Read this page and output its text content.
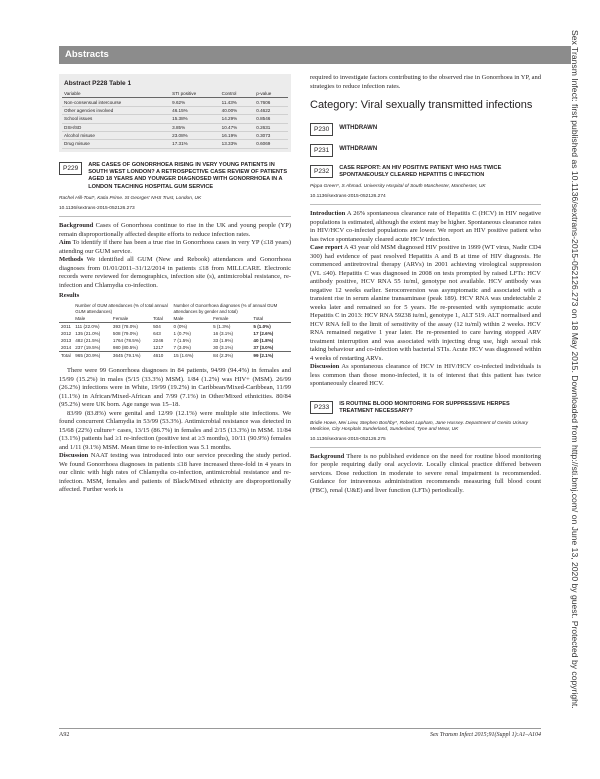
Abstracts
Abstract P228 Table 1
Variable	STI positive	Control	p-value
Non-consensual intercourse	9.62%	11.43%	0.7606
Other agencies involved	46.15%	40.00%	0.4622
School issues	15.38%	14.29%	0.8546
DSH/SD	3.85%	10.47%	0.2631
Alcohol misuse	23.08%	16.19%	0.3073
Drug misuse	17.31%	13.33%	0.6069
P229	ARE CASES OF GONORRHOEA RISING IN VERY YOUNG PATIENTS IN SOUTH WEST LONDON? A RETROSPECTIVE CASE REVIEW OF PATIENTS AGED 18 YEARS AND YOUNGER DIAGNOSED WITH GONORRHOEA IN A LONDON TEACHING HOSPITAL GUM SERVICE
Rachel Hill-Tout*, Katia Prime. St Georges' NHS Trust, London, UK
10.1136/sextrans-2015-052126.273

Background Cases of Gonorrhoea continue to rise in the UK and young people (YP) remain disproportionally affected despite efforts to reduce infection rates.

Aim To identify if there has been a true rise in Gonorrhoea cases in very YP (≤18 years) attending our GUM service.

Methods We identified all GUM (New and Rebook) attendances and Gonorrhoea diagnoses from 01/01/2011–31/12/2014 in patients ≤18 from MILLCARE. Electronic records were reviewed for demographics, infection site (s), antimicrobial resistance, re-infection and Chlamydia co-infection.

Results
	Number of GUM attendances (% of total annual GUM attendances)			Number of Gonorrhoea diagnoses (% of annual GUM attendances by gender and total)		
	Male	Female	Total	Male	Female	Total
2011	111 (22.0%)	393 (78.0%)	504	0 (0%)	5 (1.3%)	5 (1.0%)
2012	135 (21.0%)	508 (79.0%)	643	1 (0.7%)	16 (3.1%)	17 (2.6%)
2013	482 (21.5%)	1764 (78.5%)	2246	7 (1.5%)	33 (1.9%)	40 (1.8%)
2014	237 (19.5%)	980 (80.5%)	1217	7 (3.0%)	30 (3.1%)	37 (3.0%)
Total	965 (20.9%)	3645 (79.1%)	4610	15 (1.6%)	84 (2.3%)	99 (2.1%)

There were 99 Gonorrhoea diagnoses in 84 patients, 94/99 (94.4%) in females and 15/99 (15.2%) in males (5/15 (33.3%) MSM). 1/84 (1.2%) was HIV+ (MSM). 26/99 (26.2%) infections were in White, 19/99 (19.2%) in Caribbean/Mixed-Caribbean, 11/99 (11.1%) in African/Mixed-African and 7/99 (7.1%) in Other/Mixed ethnicities. 80/84 (95.2%) were UK born. Age range was 15–18.

83/99 (83.8%) were genital and 12/99 (12.1%) were multiple site infections. We found concurrent Chlamydia in 53/99 (53.3%). Antimicrobial resistance was detected in 15/68 (22%) culture+ cases, 13/15 (86.7%) in females and 2/15 (13.3%) in MSM. 11/84 (13.1%) patients had ≥1 re-infection (positive test at ≥3 months), 10/11 (90.9%) females and 1/11 (9.1%) MSM. Mean time to re-infection was 5.1 months.

Discussion NAAT testing was introduced into our service preceding the study period. We found Gonorrhoea diagnoses in patients ≤18 have increased three-fold in 4 years in our clinic with high rates of Chlamydia co-infection, antimicrobial resistance and re-infection. MSM, females and patients of Black/Mixed ethnicity are disproportionally affected. Further work is

required to investigate factors contributing to the observed rise in Gonorrhoea in YP, and strategies to reduce infection rates.

Category: Viral sexually transmitted infections
P230	WITHDRAWN
P231	WITHDRAWN
P232	CASE REPORT: AN HIV POSITIVE PATIENT WHO HAS TWICE SPONTANEOUSLY CLEARED HEPATITIS C INFECTION
Pippa Green*, S Ahmad. University Hospital of South Manchester, Manchester, UK
10.1136/sextrans-2015-052126.274

Introduction A 26% spontaneous clearance rate of Hepatitis C (HCV) in HIV negative populations is estimated, although the extent may be higher. Spontaneous clearance rates in HIV/HCV co-infected populations are lower. We report an HIV positive patient who has twice spontaneously cleared acute HCV infection.

Case report A 43 year old MSM diagnosed HIV positive in 1999 (WT virus, Nadir CD4 300) had evidence of past resolved Hepatitis A and B at time of HIV diagnosis. He commenced antiretroviral therapy (ARVs) in 2001 achieving virological suppression (VL ≤40). Hepatitis C was diagnosed in 2008 on tests prompted by raised LFTs: HCV antibody positive, HCV RNA 55 iu/ml, genotype not available. HCV antibody was negative 12 weeks earlier. Seroconversion was asymptomatic and associated with a transient rise in serum alanine transaminase (peak 189). HCV RNA was undetectable 2 weeks later and remained so for 5 years. He re-presented with symptomatic acute Hepatitis C in 2013: HCV RNA 59238 iu/ml, genotype 1, ALT 519. ALT normalised and HCV RNA fell to the limit of sensitivity of the assay (12 iu/ml) within 2 weeks. HCV RNA remained negative 1 year later. He re-presented to care having stopped ARV treatment interruption and was associated with injecting drug use, high sexual risk taking behaviour and co-infection with bacterial STIs. Acute HCV was diagnosed within 4 weeks of restarting ARVs.

Discussion As spontaneous clearance of HCV in HIV/HCV co-infected individuals is less common than those mono-infected, it is of interest that this patient has twice spontaneously cleared HCV.

P233	IS ROUTINE BLOOD MONITORING FOR SUPPRESSIVE HERPES TREATMENT NECESSARY?
Bridie Howe, Mei Liew, Stephen Boshby*, Robert Lapham, Jane Hussey. Department of Genito Urinary Medicine, City Hospitals Sunderland, Sunderland, Tyne and Wear, UK
10.1136/sextrans-2015-052126.275

Background There is no published evidence on the need for routine blood monitoring for people requiring daily oral acyclovir. Locally clinical practice differed between services. Dose reduction in moderate to severe renal impairment is recommended. Guidance for intravenous administration recommends measuring full blood count (FBC), renal (U&E) and liver function (LFTs) periodically.

A92	Sex Transm Infect 2015;91(Suppl 1):A1–A104
Sex Transm Infect: first published as 10.1136/sextrans-2015-052126.273 on 18 May 2015. Downloaded from http://sti.bmj.com/ on June 13, 2020 by guest. Protected by copyright.
